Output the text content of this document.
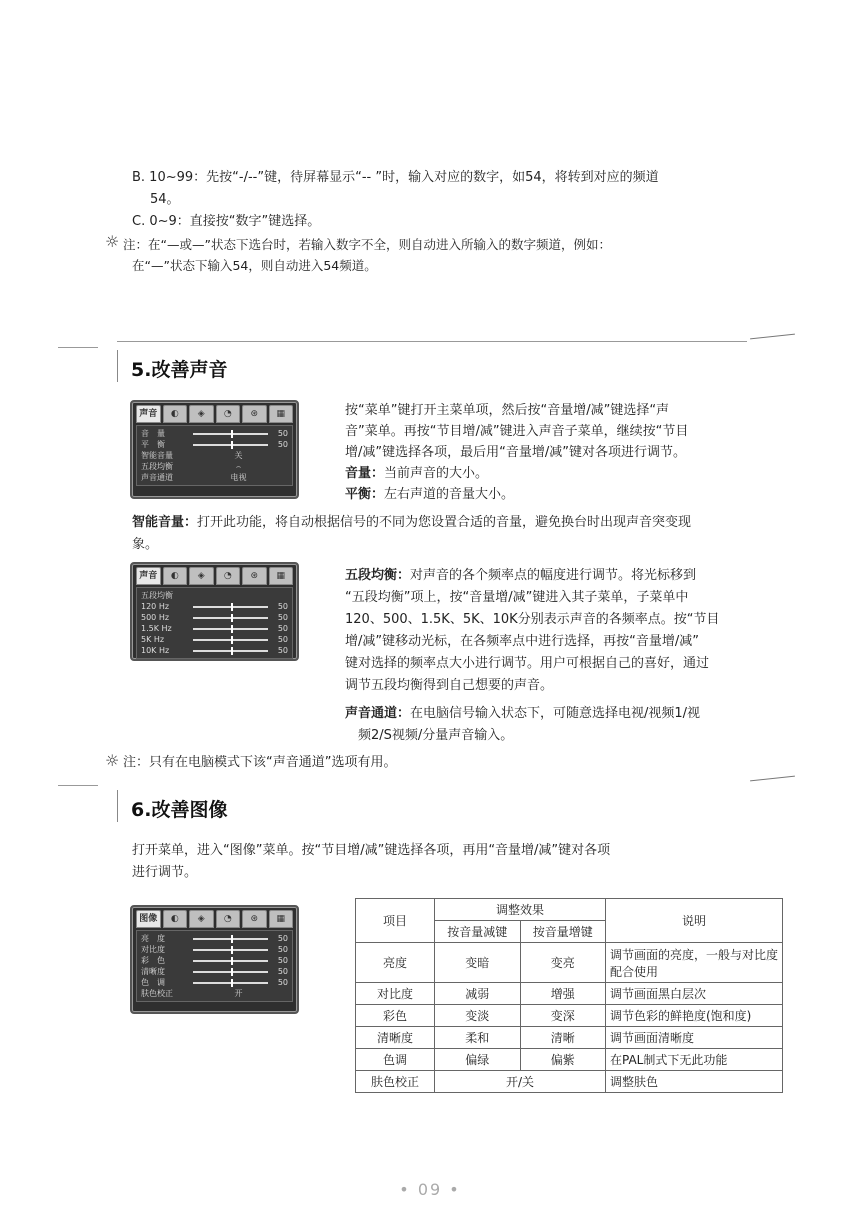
B. 10~99：先按“-/--”键，待屏幕显示“-- ”时，输入对应的数字，如54，将转到对应的频道
54。
C. 0~9：直接按“数字”键选择。
☼ 注：在“—或—”状态下选台时，若输入数字不全，则自动进入所输入的数字频道，例如：
在“—”状态下输入54，则自动进入54频道。
5.改善声音
声音	◐	◈	◔	⊛	▦
音　量	50
平　衡	50
智能音量	关
五段均衡	⌢
声音通道	电视
按“菜单”键打开主菜单项，然后按“音量增/减”键选择“声
音”菜单。再按“节目增/减”键进入声音子菜单，继续按“节目
增/减”键选择各项，最后用“音量增/减”键对各项进行调节。
音量：当前声音的大小。
平衡：左右声道的音量大小。
智能音量：打开此功能，将自动根据信号的不同为您设置合适的音量，避免换台时出现声音突变现
象。
声音	◐	◈	◔	⊛	▦
五段均衡
120 Hz	50
500 Hz	50
1.5K Hz	50
5K Hz	50
10K Hz	50
五段均衡：对声音的各个频率点的幅度进行调节。将光标移到
“五段均衡”项上，按“音量增/减”键进入其子菜单，子菜单中
120、500、1.5K、5K、10K分别表示声音的各频率点。按“节目
增/减”键移动光标，在各频率点中进行选择，再按“音量增/减”
键对选择的频率点大小进行调节。用户可根据自己的喜好，通过
调节五段均衡得到自己想要的声音。
声音通道：在电脑信号输入状态下，可随意选择电视/视频1/视
频2/S视频/分量声音输入。
☼ 注：只有在电脑模式下该“声音通道”选项有用。
6.改善图像
打开菜单，进入“图像”菜单。按“节目增/减”键选择各项，再用“音量增/减”键对各项
进行调节。
图像	◐	◈	◔	⊛	▦
亮　度	50
对比度	50
彩　色	50
清晰度	50
色　调	50
肤色校正	开
项目	调整效果		说明
	按音量减键	按音量增键	
亮度	变暗	变亮	调节画面的亮度，一般与对比度配合使用
对比度	减弱	增强	调节画面黑白层次
彩色	变淡	变深	调节色彩的鲜艳度(饱和度)
清晰度	柔和	清晰	调节画面清晰度
色调	偏绿	偏紫	在PAL制式下无此功能
肤色校正	开/关		调整肤色
• 09 •
